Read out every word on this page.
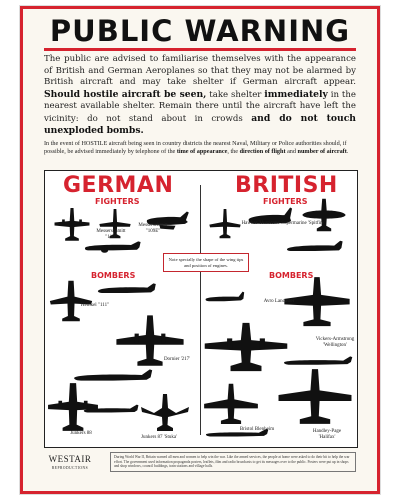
PUBLIC WARNING
The public are advised to familiarise themselves with the appearance of British and German Aeroplanes so that they may not be alarmed by British aircraft and may take shelter if German aircraft appear. Should hostile aircraft be seen, take shelter immediately in the nearest available shelter. Remain there until the aircraft have left the vicinity: do not stand about in crowds and do not touch unexploded bombs.
In the event of HOSTILE aircraft being seen in country districts the nearest Naval, Military or Police authorities should, if possible, be advised immediately by telephone of the time of appearance, the direction of flight and number of aircraft.
GERMAN	BRITISH
FIGHTERS	FIGHTERS
BOMBERS	BOMBERS
Note specially the shape of the wing tips and position of engines.
Messerschmitt "109E"
Messerschmitt "110"
Hawker 'Hurricane' Supermarine 'Spitfire'
Heinkel "111"
Dornier '217'
Junkers 88
Junkers 87 'Stuka'
Avro Lancaster
Vickers-Armstrong 'Wellington'
Bristol Blenheim	Handley-Page 'Halifax'
WESTAIR
REPRODUCTIONS
During World War II, Britain warned all men and women to help win the war. Like the armed services, the people at home were asked to do their bit to help the war effort. The government used information propaganda posters, leaflets, film and radio broadcasts to get its messages over to the public. Posters were put up in shops and shop windows, council buildings, train stations and village halls.
